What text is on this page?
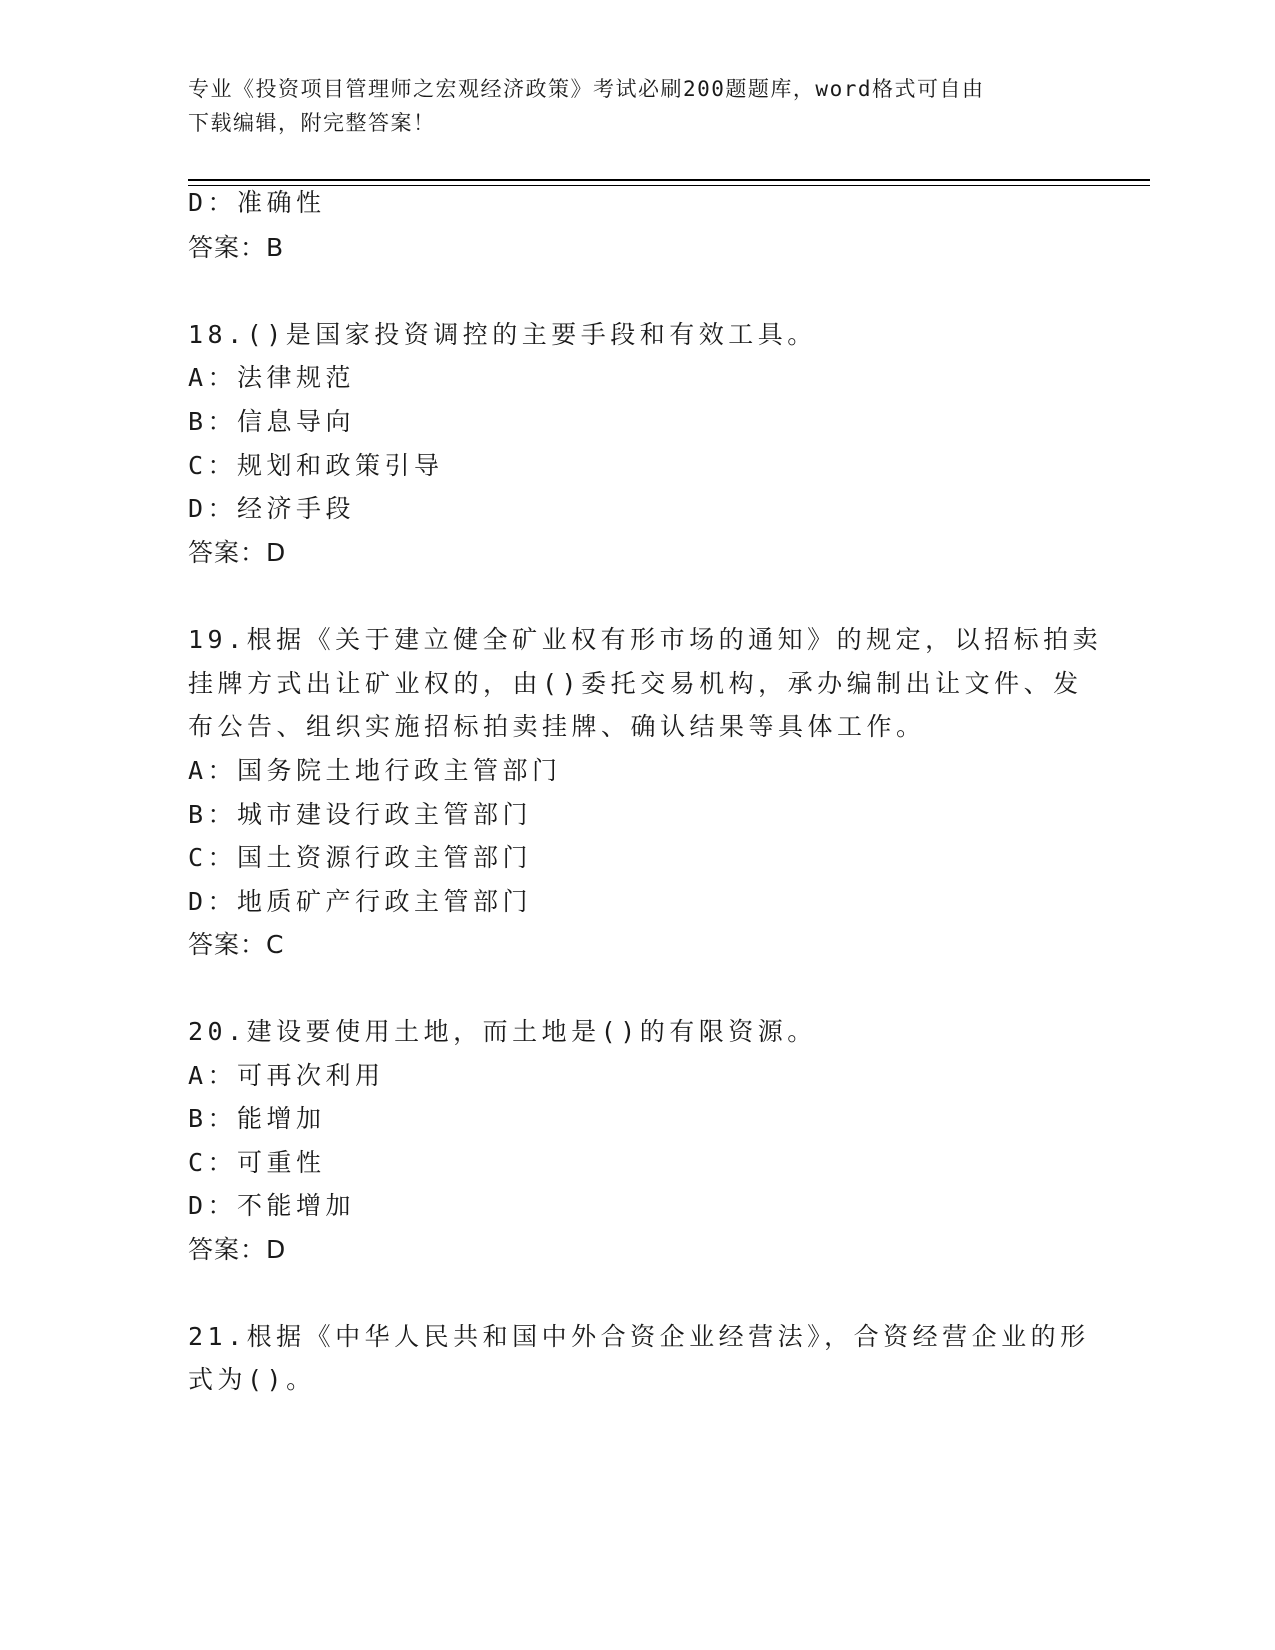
专业《投资项目管理师之宏观经济政策》考试必刷200题题库，word格式可自由
下载编辑，附完整答案！
D：准确性
答案：B
18.()是国家投资调控的主要手段和有效工具。
A：法律规范
B：信息导向
C：规划和政策引导
D：经济手段
答案：D
19.根据《关于建立健全矿业权有形市场的通知》的规定，以招标拍卖
挂牌方式出让矿业权的，由()委托交易机构，承办编制出让文件、发
布公告、组织实施招标拍卖挂牌、确认结果等具体工作。
A：国务院土地行政主管部门
B：城市建设行政主管部门
C：国土资源行政主管部门
D：地质矿产行政主管部门
答案：C
20.建设要使用土地，而土地是()的有限资源。
A：可再次利用
B：能增加
C：可重性
D：不能增加
答案：D
21.根据《中华人民共和国中外合资企业经营法》，合资经营企业的形
式为()。
